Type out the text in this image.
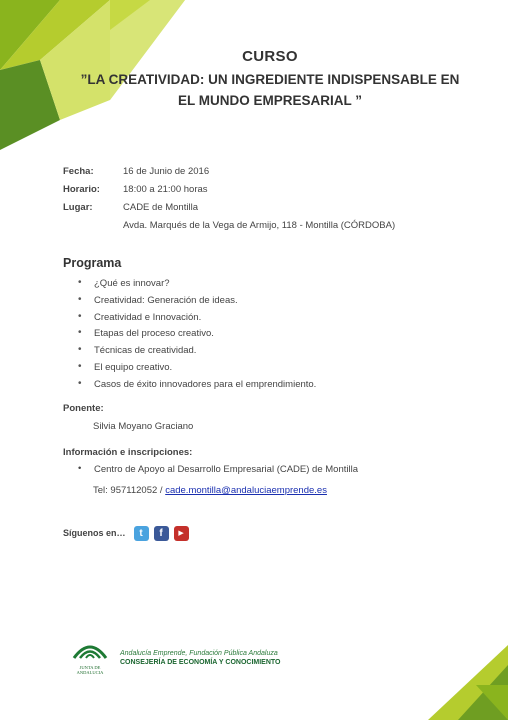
CURSO
”LA CREATIVIDAD: UN INGREDIENTE INDISPENSABLE EN
EL MUNDO EMPRESARIAL ”
Fecha:	16 de Junio de 2016
Horario: 18:00 a 21:00 horas
Lugar:	CADE de Montilla
Avda. Marqués de la Vega de Armijo, 118 - Montilla (CÓRDOBA)
Programa
• ¿Qué es innovar?
• Creatividad: Generación de ideas.
• Creatividad e Innovación.
• Etapas del proceso creativo.
• Técnicas de creatividad.
• El equipo creativo.
• Casos de éxito innovadores para el emprendimiento.
Ponente:
Silvia Moyano Graciano
Información e inscripciones:
• Centro de Apoyo al Desarrollo Empresarial (CADE) de Montilla
Tel: 957112052 / cade.montilla@andaluciaemprende.es
Síguenos en…	t	f	▶
JUNTA DE ANDALUCIA
Andalucía Emprende, Fundación Pública Andaluza
CONSEJERÍA DE ECONOMÍA Y CONOCIMIENTO
